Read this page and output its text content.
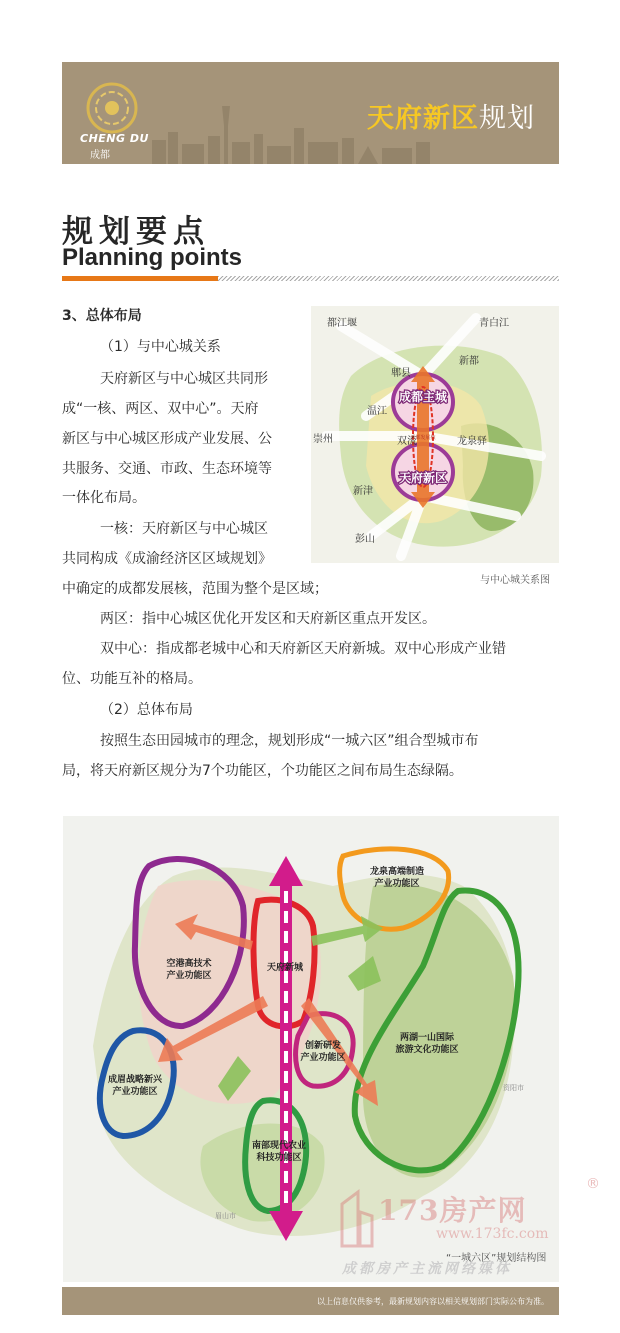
CHENG DU
成都
天府新区规划
规划要点
Planning points
3、总体布局
（1）与中心城关系
天府新区与中心城区共同形
成“一核、两区、双中心”。天府
新区与中心城区形成产业发展、公
共服务、交通、市政、生态环境等
一体化布局。
一核：天府新区与中心城区
共同构成《成渝经济区区域规划》
中确定的成都发展核，范围为整个是区域；
两区：指中心城区优化开发区和天府新区重点开发区。
双中心：指成都老城中心和天府新区天府新城。双中心形成产业错
位、功能互补的格局。
（2）总体布局
按照生态田园城市的理念，规划形成“一城六区”组合型城市布
局，将天府新区规分为7个功能区，个功能区之间布局生态绿隔。
成都主城
天府新区
成都发展核
都江堰	青白江
郫县
新都
温江
崇州	双流	龙泉驿
新津
彭山
与中心城关系图
空港高技术
产业功能区
天府新城
龙泉高端制造
产业功能区
创新研发
产业功能区
两湖一山国际
旅游文化功能区
成眉战略新兴
产业功能区
南部现代农业
科技功能区
资阳市
眉山市	173房产网
®
www.173fc.com
“一城六区”规划结构图
成都房产主流网络媒体
以上信息仅供参考，最新规划内容以相关规划部门实际公布为准。
